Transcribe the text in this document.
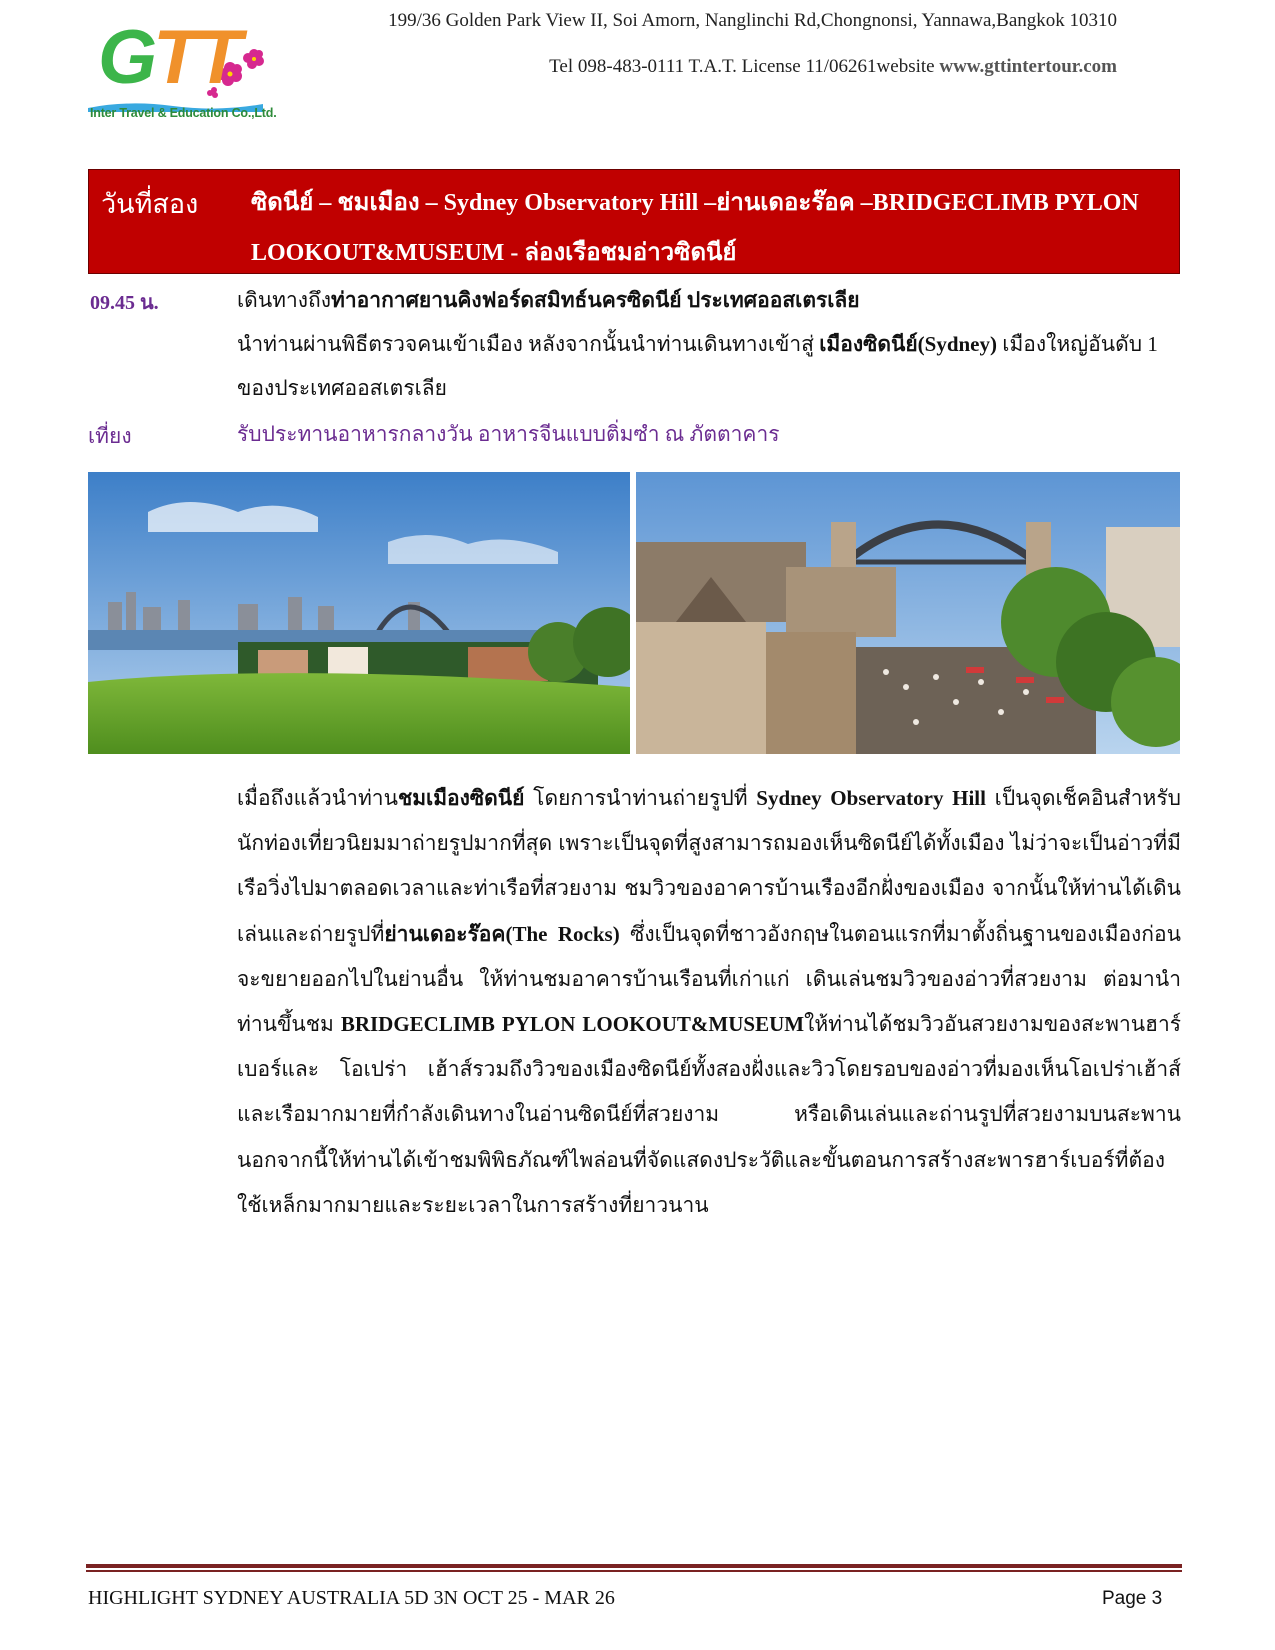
GTT
Inter Travel & Education Co.,Ltd.
199/36 Golden Park View II, Soi Amorn, Nanglinchi Rd,Chongnonsi, Yannawa,Bangkok 10310
Tel 098-483-0111 T.A.T. License 11/06261website www.gttintertour.com
วันที่สอง ซิดนีย์ – ชมเมือง – Sydney Observatory Hill –ย่านเดอะร๊อค –BRIDGECLIMB PYLON
LOOKOUT&MUSEUM - ล่องเรือชมอ่าวซิดนีย์
09.45 น.	เดินทางถึงท่าอากาศยานคิงฟอร์ดสมิทธ์นครซิดนีย์ ประเทศออสเตรเลีย
นำท่านผ่านพิธีตรวจคนเข้าเมือง หลังจากนั้นนำท่านเดินทางเข้าสู่ เมืองซิดนีย์(Sydney) เมืองใหญ่อันดับ 1
ของประเทศออสเตรเลีย
เที่ยง	รับประทานอาหารกลางวัน อาหารจีนแบบติ่มซำ ณ ภัตตาคาร

เมื่อถึงแล้วนำท่านชมเมืองซิดนีย์ โดยการนำท่านถ่ายรูปที่ Sydney Observatory Hill เป็นจุดเช็คอินสำหรับนักท่องเที่ยวนิยมมาถ่ายรูปมากที่สุด เพราะเป็นจุดที่สูงสามารถมองเห็นซิดนีย์ได้ทั้งเมือง ไม่ว่าจะเป็นอ่าวที่มีเรือวิ่งไปมาตลอดเวลาและท่าเรือที่สวยงาม ชมวิวของอาคารบ้านเรืองอีกฝั่งของเมือง จากนั้นให้ท่านได้เดินเล่นและถ่ายรูปที่ย่านเดอะร๊อค(The Rocks) ซึ่งเป็นจุดที่ชาวอังกฤษในตอนแรกที่มาตั้งถิ่นฐานของเมืองก่อนจะขยายออกไปในย่านอื่น ให้ท่านชมอาคารบ้านเรือนที่เก่าแก่ เดินเล่นชมวิวของอ่าวที่สวยงาม ต่อมานำท่านขึ้นชม BRIDGECLIMB PYLON LOOKOUT&MUSEUMให้ท่านได้ชมวิวอันสวยงามของสะพานฮาร์เบอร์และ โอเปร่า เฮ้าส์รวมถึงวิวของเมืองซิดนีย์ทั้งสองฝั่งและวิวโดยรอบของอ่าวที่มองเห็นโอเปร่าเฮ้าส์และเรือมากมายที่กำลังเดินทางในอ่านซิดนีย์ที่สวยงาม หรือเดินเล่นและถ่านรูปที่สวยงามบนสะพานนอกจากนี้ให้ท่านได้เข้าชมพิพิธภัณฑ์ไพล่อนที่จัดแสดงประวัติและขั้นตอนการสร้างสะพารฮาร์เบอร์ที่ต้องใช้เหล็กมากมายและระยะเวลาในการสร้างที่ยาวนาน

HIGHLIGHT SYDNEY AUSTRALIA 5D 3N OCT 25 - MAR 26	Page 3
